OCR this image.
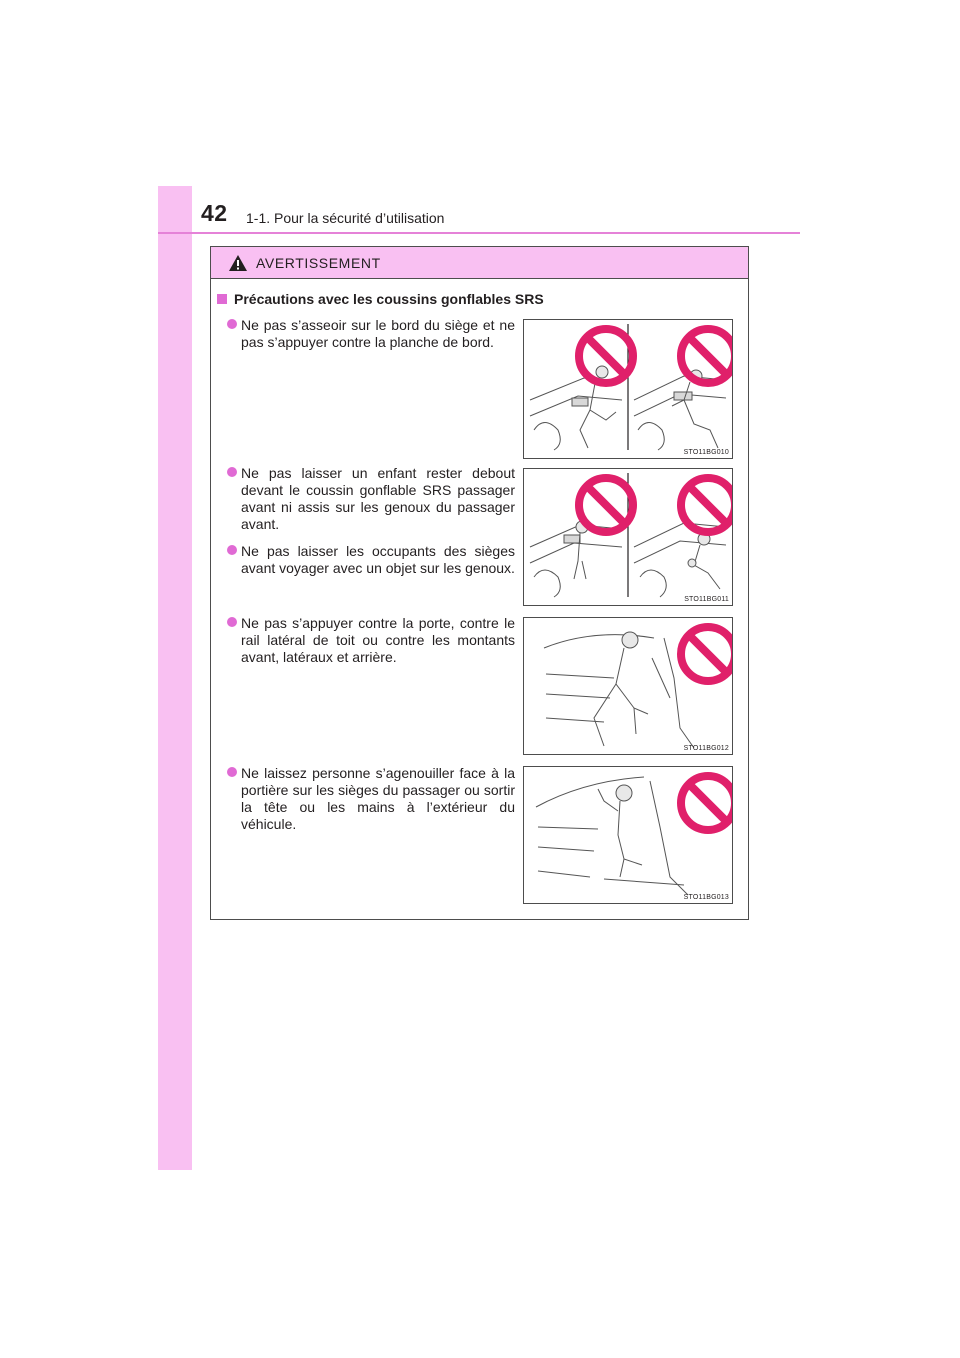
42 1-1. Pour la sécurité d’utilisation
AVERTISSEMENT
Précautions avec les coussins gonflables SRS
Ne pas s’asseoir sur le bord du siège et ne pas s’appuyer contre la planche de bord.
Ne pas laisser un enfant rester debout devant le coussin gonflable SRS passager avant ni assis sur les genoux du passager avant.
Ne pas laisser les occupants des sièges avant voyager avec un objet sur les genoux.
Ne pas s’appuyer contre la porte, contre le rail latéral de toit ou contre les montants avant, latéraux et arrière.
Ne laissez personne s’agenouiller face à la portière sur les sièges du passager ou sortir la tête ou les mains à l’extérieur du véhicule.
STO11BG010
STO11BG011
STO11BG012
STO11BG013
